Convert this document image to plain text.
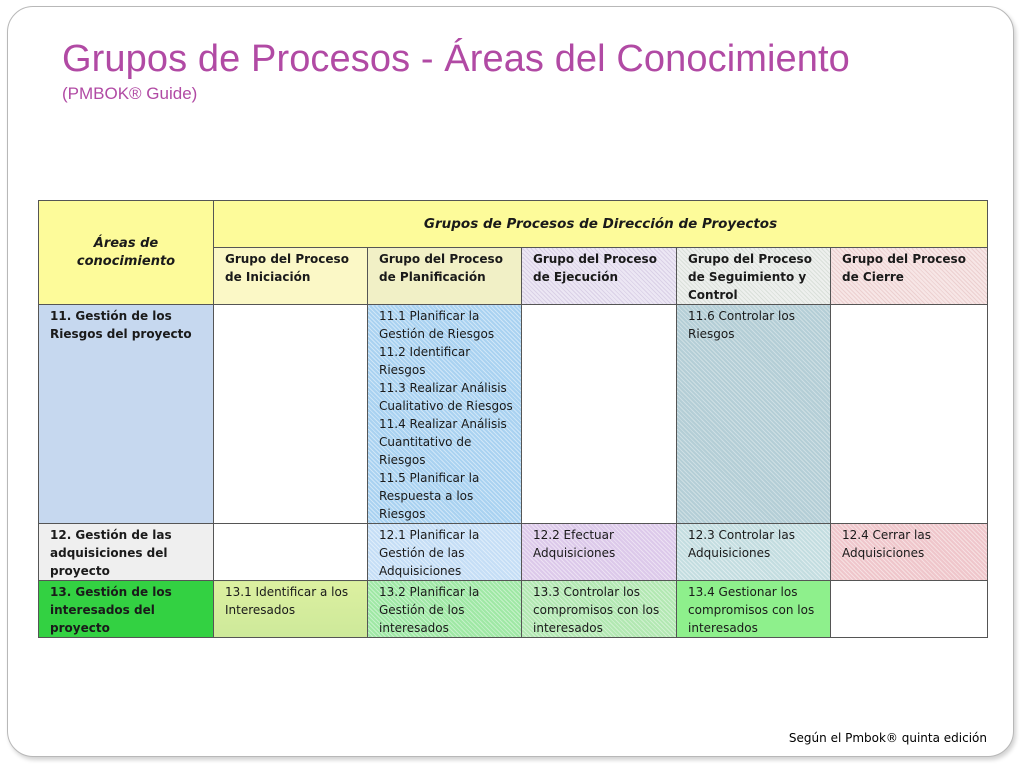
Grupos de Procesos - Áreas del Conocimiento
(PMBOK® Guide)
Áreas de conocimiento	Grupos de Procesos de Dirección de Proyectos				
	Grupo del Proceso de Iniciación	Grupo del Proceso de Planificación	Grupo del Proceso de Ejecución	Grupo del Proceso de Seguimiento y Control	Grupo del Proceso de Cierre
11. Gestión de los Riesgos del proyecto		11.1 Planificar la Gestión de Riesgos
11.2 Identificar Riesgos
11.3 Realizar Análisis Cualitativo de Riesgos
11.4 Realizar Análisis Cuantitativo de Riesgos
11.5 Planificar la Respuesta a los Riesgos		11.6 Controlar los Riesgos	
12. Gestión de las adquisiciones del proyecto		12.1 Planificar la Gestión de las Adquisiciones	12.2 Efectuar Adquisiciones	12.3 Controlar las Adquisiciones	12.4 Cerrar las Adquisiciones
13. Gestión de los interesados del proyecto	13.1 Identificar a los Interesados	13.2 Planificar la Gestión de los interesados	13.3 Controlar los compromisos con los interesados	13.4 Gestionar los compromisos con los interesados	
Según el Pmbok® quinta edición
